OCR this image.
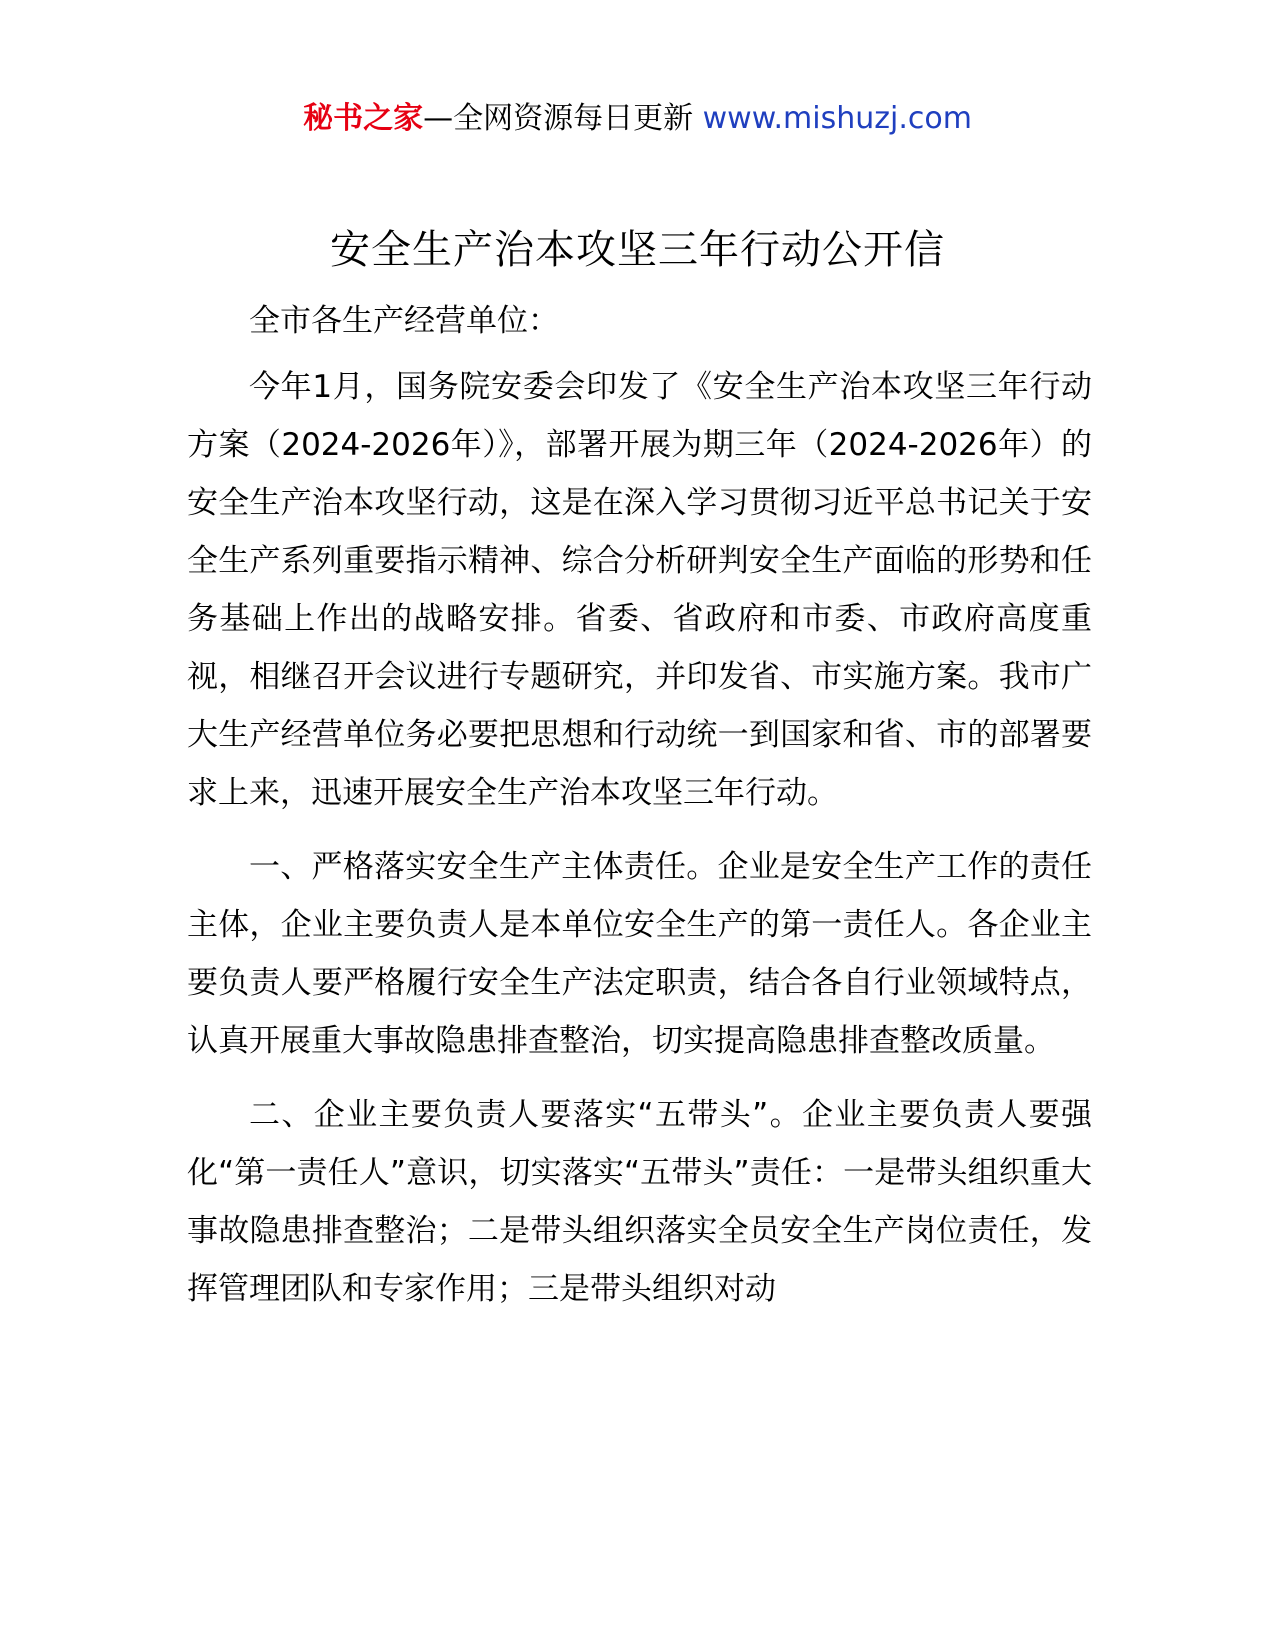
秘书之家—全网资源每日更新 www.mishuzj.com
安全生产治本攻坚三年行动公开信

全市各生产经营单位：

今年1月，国务院安委会印发了《安全生产治本攻坚三年行动方案（2024-2026年）》，部署开展为期三年（2024-2026年）的安全生产治本攻坚行动，这是在深入学习贯彻习近平总书记关于安全生产系列重要指示精神、综合分析研判安全生产面临的形势和任务基础上作出的战略安排。省委、省政府和市委、市政府高度重视，相继召开会议进行专题研究，并印发省、市实施方案。我市广大生产经营单位务必要把思想和行动统一到国家和省、市的部署要求上来，迅速开展安全生产治本攻坚三年行动。

一、严格落实安全生产主体责任。企业是安全生产工作的责任主体，企业主要负责人是本单位安全生产的第一责任人。各企业主要负责人要严格履行安全生产法定职责，结合各自行业领域特点，认真开展重大事故隐患排查整治，切实提高隐患排查整改质量。

二、企业主要负责人要落实“五带头”。企业主要负责人要强化“第一责任人”意识，切实落实“五带头”责任：一是带头组织重大事故隐患排查整治；二是带头组织落实全员安全生产岗位责任，发挥管理团队和专家作用；三是带头组织对动
